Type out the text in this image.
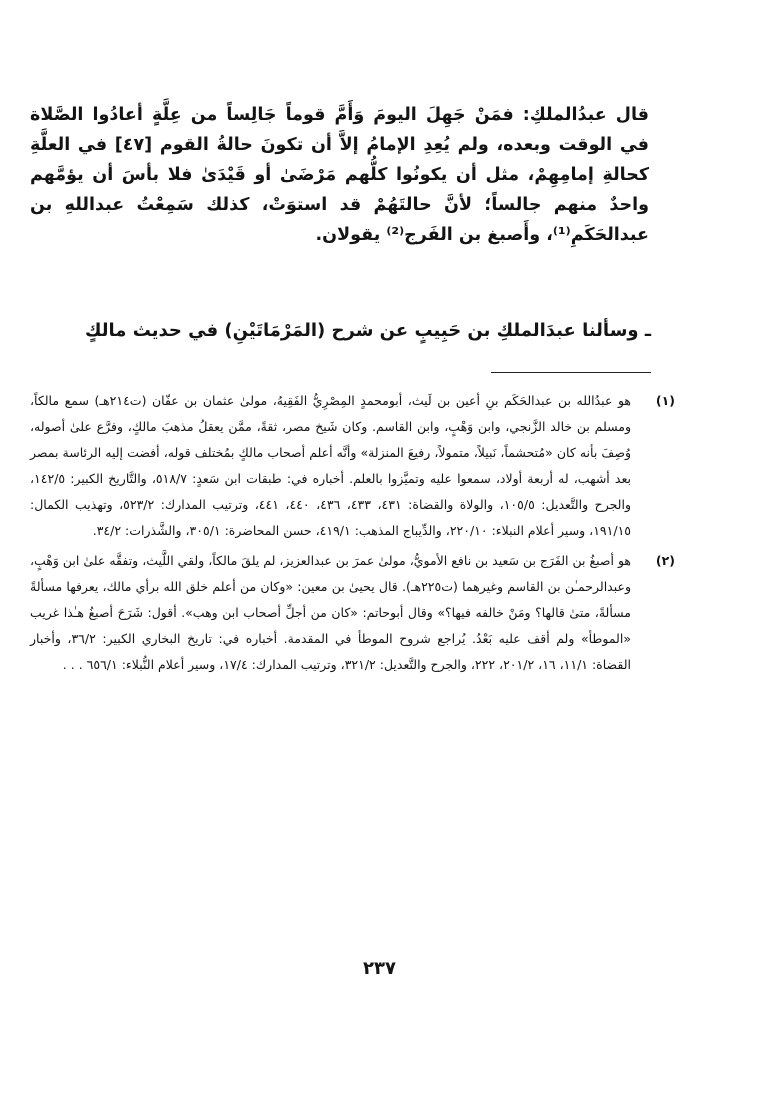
قال عبدُالملكِ: فمَنْ جَهِلَ اليومَ وَأَمَّ قوماً جَالِساً من عِلَّةٍ أعادُوا الصَّلاة في الوقت وبعده، ولم يُعِدِ الإمامُ إلاَّ أن تكونَ حالةُ القوم [٤٧] في العلَّةِ كحالةِ إمامِهِمْ، مثل أن يكونُوا كلُّهم مَرْضَىٰ أو قَيْدَىٰ فلا بأسَ أن يؤمَّهم واحدٌ منهم جالساً؛ لأنَّ حالتَهُمْ قد استوَتْ، كذلك سَمِعْتُ عبداللهِ بن عبدالحَكَمِ⁽¹⁾، وأَصبغ بن الفَرج⁽²⁾ يقولان.

ـ وسألنا عبدَالملكِ بن حَبِيبٍ عن شرح (المَرْمَاتَيْنِ) في حديث مالكٍ
(١)
هو عبدُالله بن عبدالحَكَم بنِ أعين بن لَيث، أبومحمدٍ المِصْرِيُّ الفَقِيهُ، مولىٰ عثمان بن عفّان (ت٢١٤هـ) سمع مالكاً، ومسلم بن خالد الزَّنجي، وابن وَهْبٍ، وابن القاسم. وكان شَيخ مصر، ثقةً، ممَّن يعقلُ مذهبَ مالكٍ، وفرَّع علىٰ أصوله، وُصِفَ بأنه كان «مُتحشماً، نَبيلاً، متمولاً، رفيعَ المنزلة» وأنَّه أعلم أصحاب مالكٍ بمُختلف قوله، أفضت إليه الرئاسة بمصر بعد أشهب، له أربعة أولاد، سمعوا عليه وتميَّزوا بالعلم. أخباره في: طبقات ابن سَعدٍ: ٥١٨/٧، والتَّاريخ الكبير: ١٤٢/٥، والجرح والتَّعديل: ١٠٥/٥، والولاة والقضاة: ٤٣١، ٤٣٣، ٤٣٦، ٤٤٠، ٤٤١، وترتيب المدارك: ٥٢٣/٢، وتهذيب الكمال: ١٩١/١٥، وسير أعلام النبلاء: ٢٢٠/١٠، والدِّيباج المذهب: ٤١٩/١، حسن المحاضرة: ٣٠٥/١، والشَّذرات: ٣٤/٢.
(٢)
هو أصبغُ بن الفَرَج بن سَعيد بن نافع الأمويُّ، مولىٰ عمرَ بن عبدالعزيز، لم يلقَ مالكاً، ولقي اللَّيث، وتفقَّه علىٰ ابن وَهْبٍ، وعبدالرحمـٰن بن القاسم وغيرهما (ت٢٢٥هـ). قال يحيىٰ بن معين: «وكان من أعلم خلق الله برأي مالك، يعرفها مسألةً مسألةً، متىٰ قالها؟ ومَنْ خالفه فيها؟» وقال أبوحاتم: «كان من أجلِّ أصحاب ابن وهب». أقول: شَرَحَ أصبغُ هـٰذا غريب «الموطأ» ولم أقف عليه بَعْدُ. يُراجع شروح الموطأ في المقدمة. أخباره في: تاريخ البخاري الكبير: ٣٦/٢، وأخبار القضاة: ١١/١، ١٦، ٢٠١/٢، ٢٢٢، والجرح والتَّعديل: ٣٢١/٢، وترتيب المدارك: ١٧/٤، وسير أعلام النُّبلاء: ٦٥٦/١ . . .
٢٣٧
